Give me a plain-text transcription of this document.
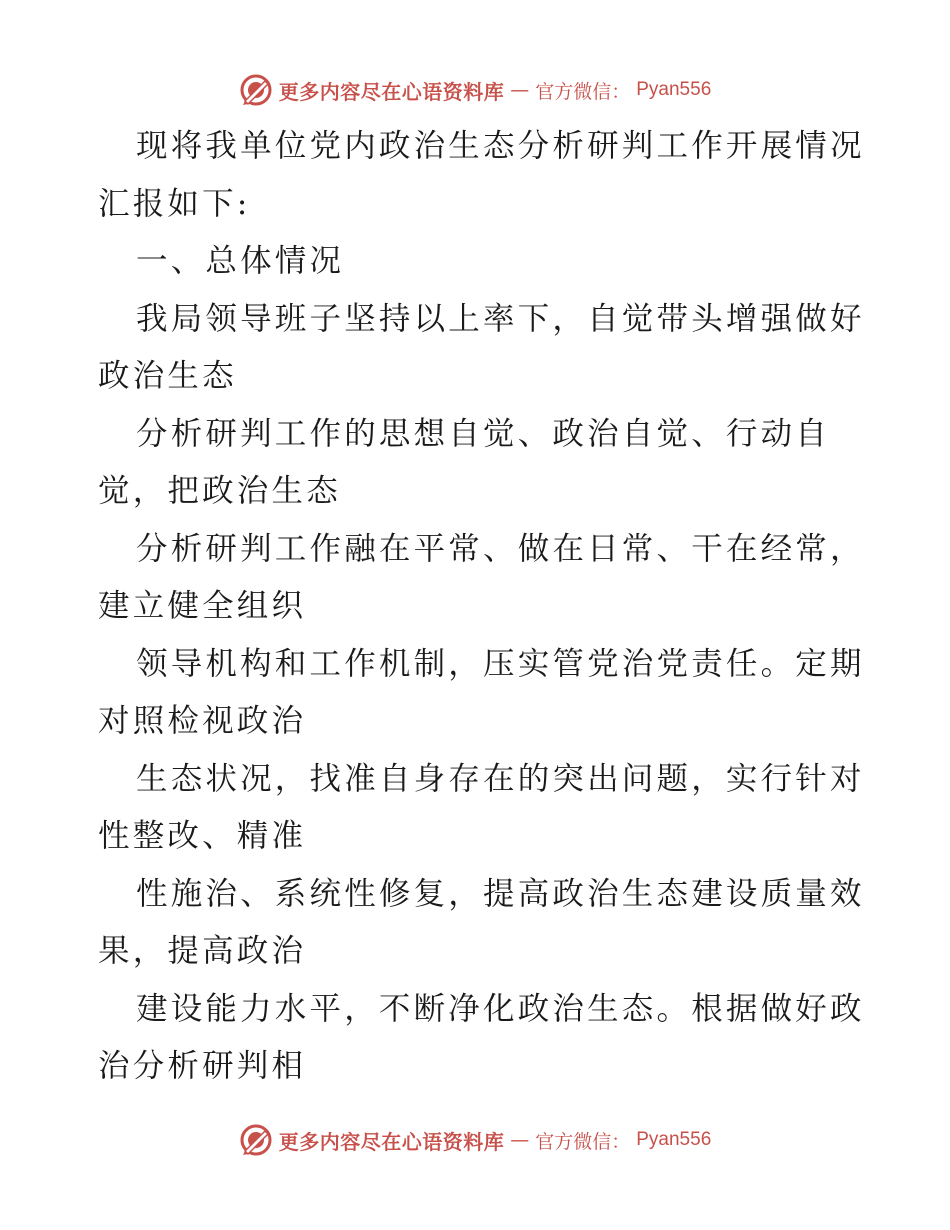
更多内容尽在心语资料库 — 官方微信： Pyan556
现将我单位党内政治生态分析研判工作开展情况
汇报如下:
一、总体情况
我局领导班子坚持以上率下，自觉带头增强做好
政治生态
分析研判工作的思想自觉、政治自觉、行动自
觉，把政治生态
分析研判工作融在平常、做在日常、干在经常，
建立健全组织
领导机构和工作机制，压实管党治党责任。定期
对照检视政治
生态状况，找准自身存在的突出问题，实行针对
性整改、精准
性施治、系统性修复，提高政治生态建设质量效
果，提高政治
建设能力水平，不断净化政治生态。根据做好政
治分析研判相
更多内容尽在心语资料库 — 官方微信： Pyan556
